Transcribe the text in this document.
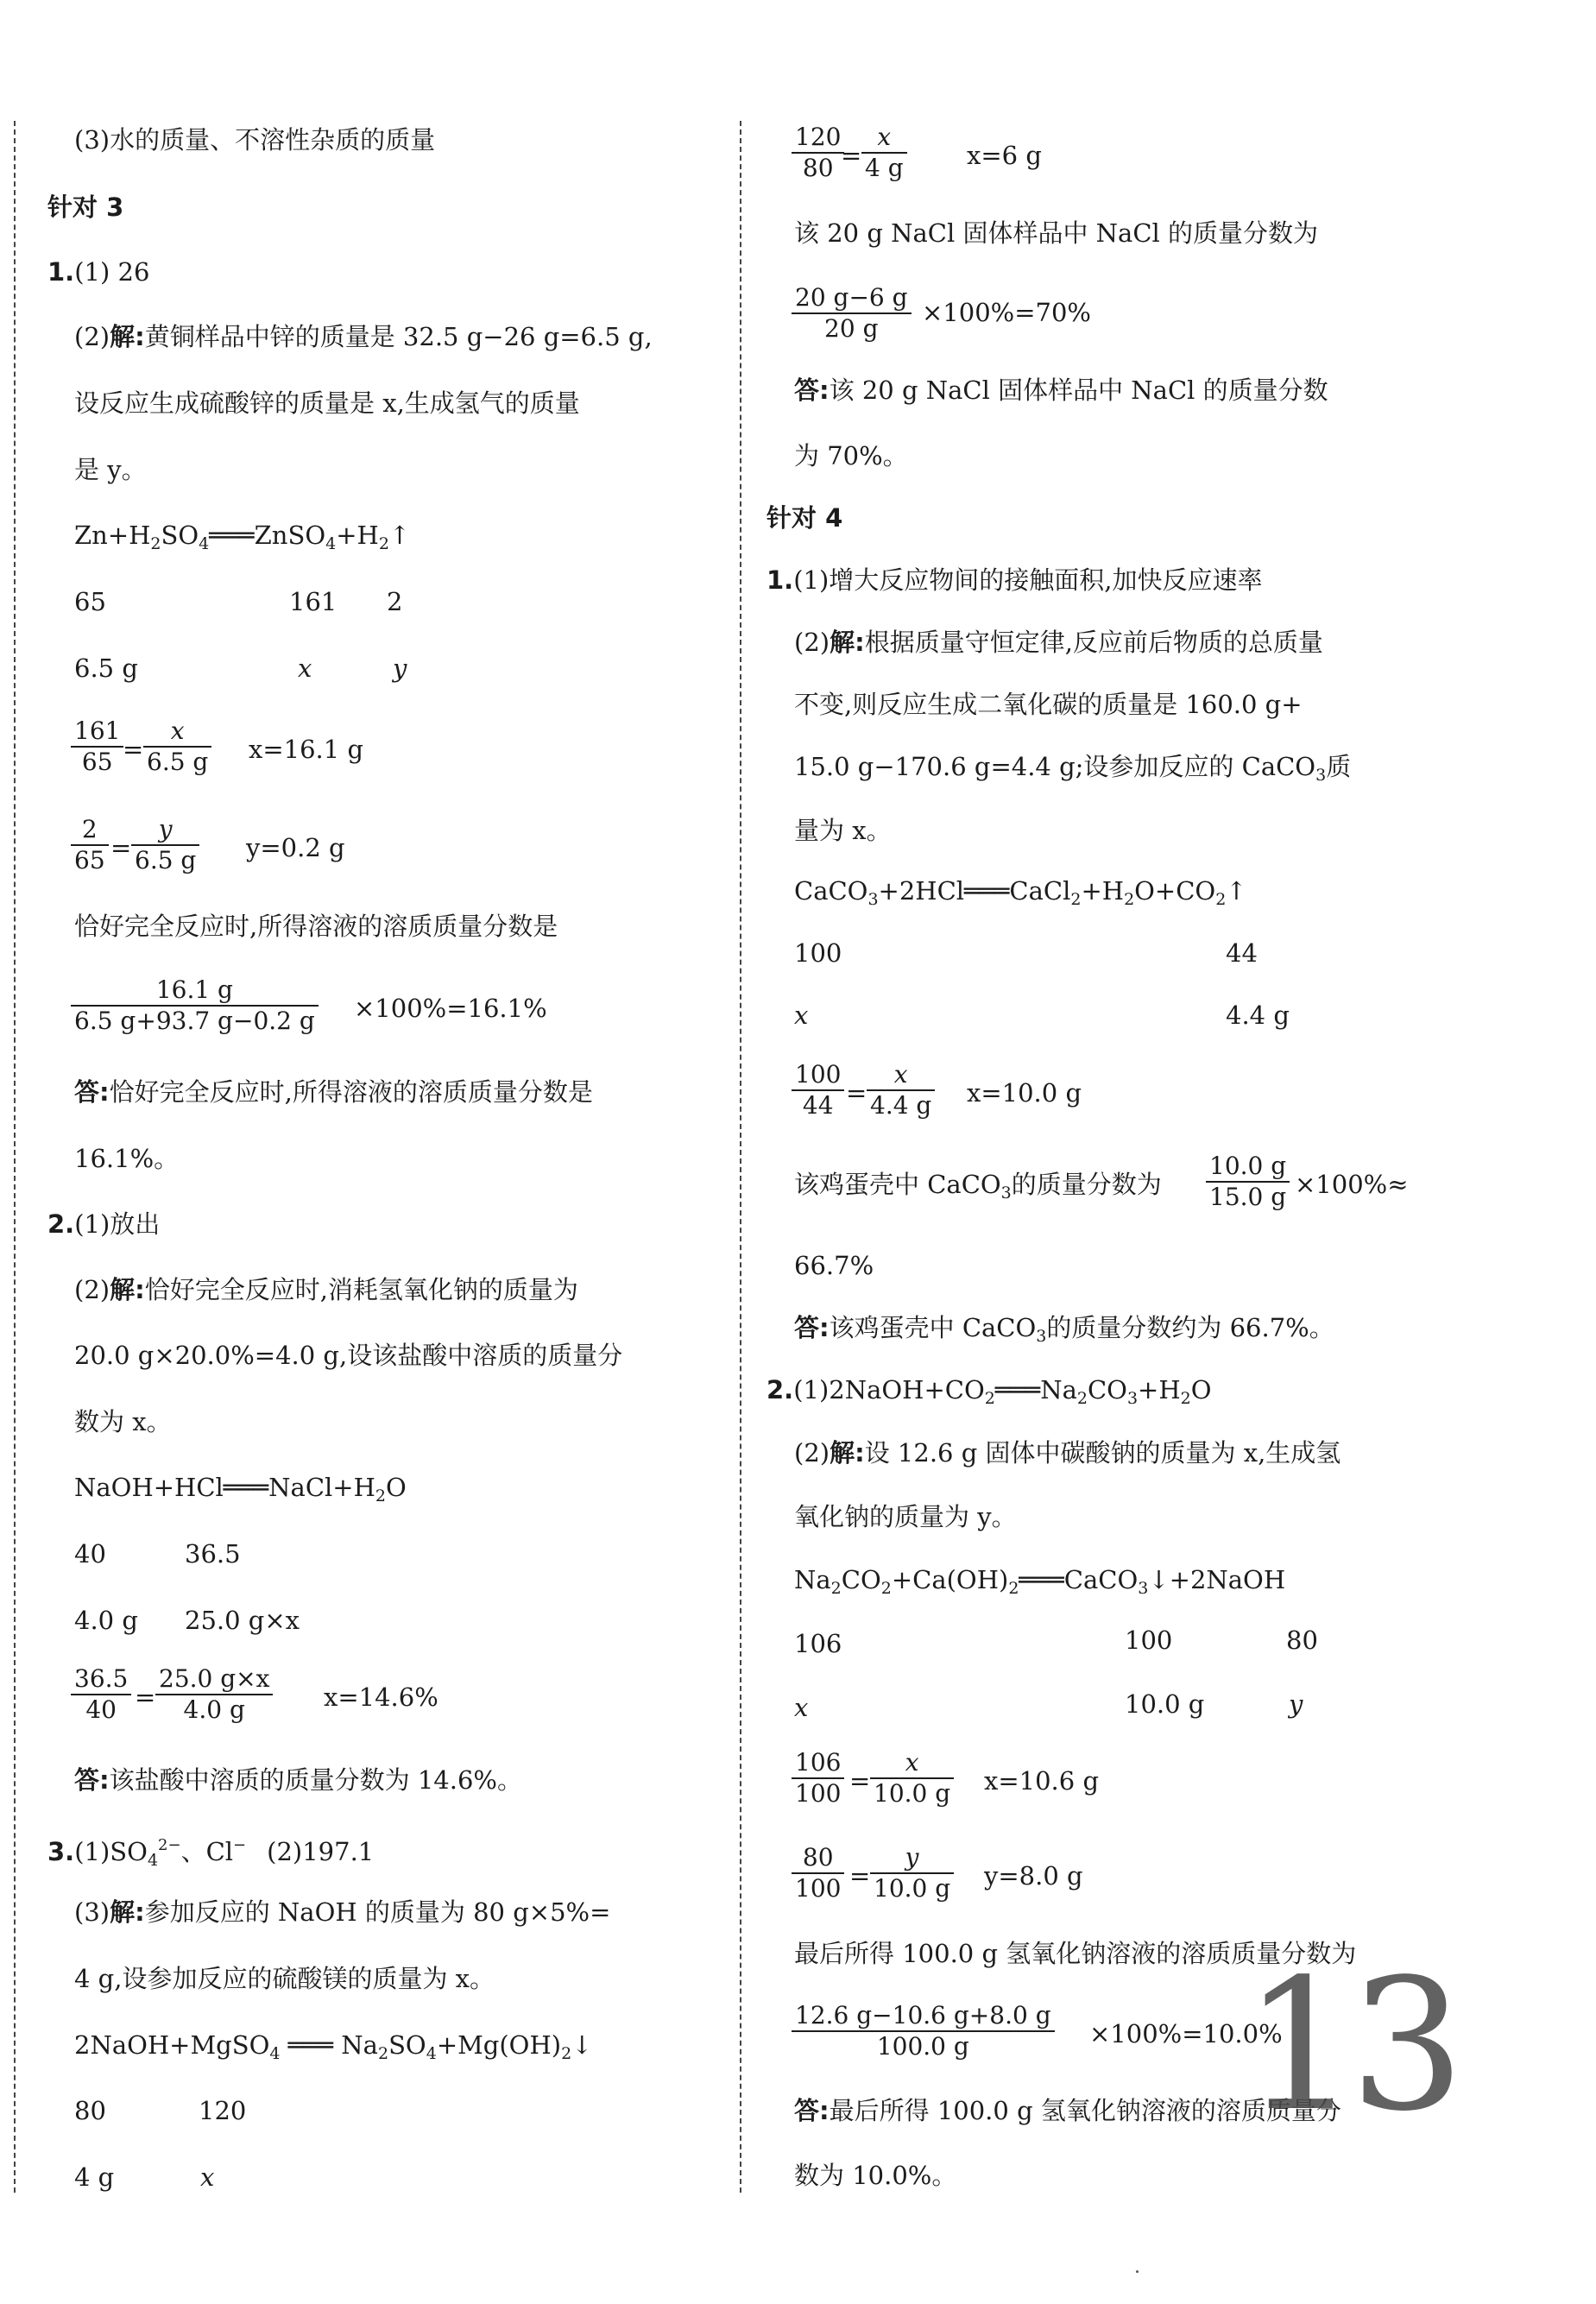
(3)水的质量、不溶性杂质的质量
针对 3
1.(1) 26
(2)解:黄铜样品中锌的质量是 32.5 g−26 g=6.5 g,
设反应生成硫酸锌的质量是 x,生成氢气的质量
是 y。
$Zn+H_2SO_4═══ZnSO_4+H_2↑$
65	161 2
6.5 g	x	y
$\frac{161}{65}$
= $\frac{x}{6.5 g} x=16.1$ g
$\frac{2}{65} = \frac{y}{6.5 g} y=0.2$ g
恰好完全反应时,所得溶液的溶质质量分数是
$\frac{16.1 g}{6.5 g+93.7 g-0.2 g} \times 100\%=16.1\%$
答:恰好完全反应时,所得溶液的溶质质量分数是
16.1%。
2.(1)放出
(2)解:恰好完全反应时,消耗氢氧化钠的质量为
20.0 g×20.0%=4.0 g,设该盐酸中溶质的质量分
数为 x。
$NaOH+HCl═══NaCl+H_2O$
40	36.5
4.0 g 25.0 g×x
$\frac{36.5}{40} = \frac{25.0 g\times x}{4.0 g} x=14.6\%$
答:该盐酸中溶质的质量分数为 14.6%。
$3.(1)SO_4^{2-}$、Cl− (2)197.1
(3)解:参加反应的 NaOH 的质量为 80 g×5%=
4 g,设参加反应的硫酸镁的质量为 x。
2NaOH+MgSO$_4$ ═══ $Na_2SO_4+Mg(OH)_2↓$
80	120
4 g	x
$\frac{120}{80}$
= $\frac{x}{4 g} x=6$ g
该 20 g NaCl 固体样品中 NaCl 的质量分数为
$\frac{20 g-6 g}{20 g} \times 100\%=70\%$
答:该 20 g NaCl 固体样品中 NaCl 的质量分数
为 70%。
针对 4
1.(1)增大反应物间的接触面积,加快反应速率
(2)解:根据质量守恒定律,反应前后物质的总质量
不变,则反应生成二氧化碳的质量是 160.0 g+
15.0 g−170.6 g=4.4 g;设参加反应的 CaCO$_3$质
量为 x。
$CaCO_3+2HCl═══CaCl_2+H_2O+CO_2↑$
100	44
x	4.4 g
$\frac{100}{44} = \frac{x}{4.4 g} x=10.0$ g
该鸡蛋壳中 CaCO$_3$的质量分数为 $\frac{10.0 g}{15.0 g} \times 100\%\approx$
66.7%
答:该鸡蛋壳中 CaCO$_3$的质量分数约为 66.7%。
$2.(1)2NaOH+CO_2═══Na_2CO_3+H_2O$
(2)解:设 12.6 g 固体中碳酸钠的质量为 x,生成氢
氧化钠的质量为 y。
$Na_2CO_2+Ca(OH)_2═══CaCO_3↓+2NaOH$
106	100	80
x	10.0 g	y
$\frac{106}{100} = \frac{x}{10.0 g} x=10.6$ g
$\frac{80}{100} = \frac{y}{10.0 g} y=8.0$ g
最后所得 100.0 g 氢氧化钠溶液的溶质质量分数为
$\frac{12.6 g-10.6 g+8.0 g}{100.0 g} \times 100\%=10.0\%$
答:最后所得 100.0 g 氢氧化钠溶液的溶质质量分
数为 10.0%。
13
